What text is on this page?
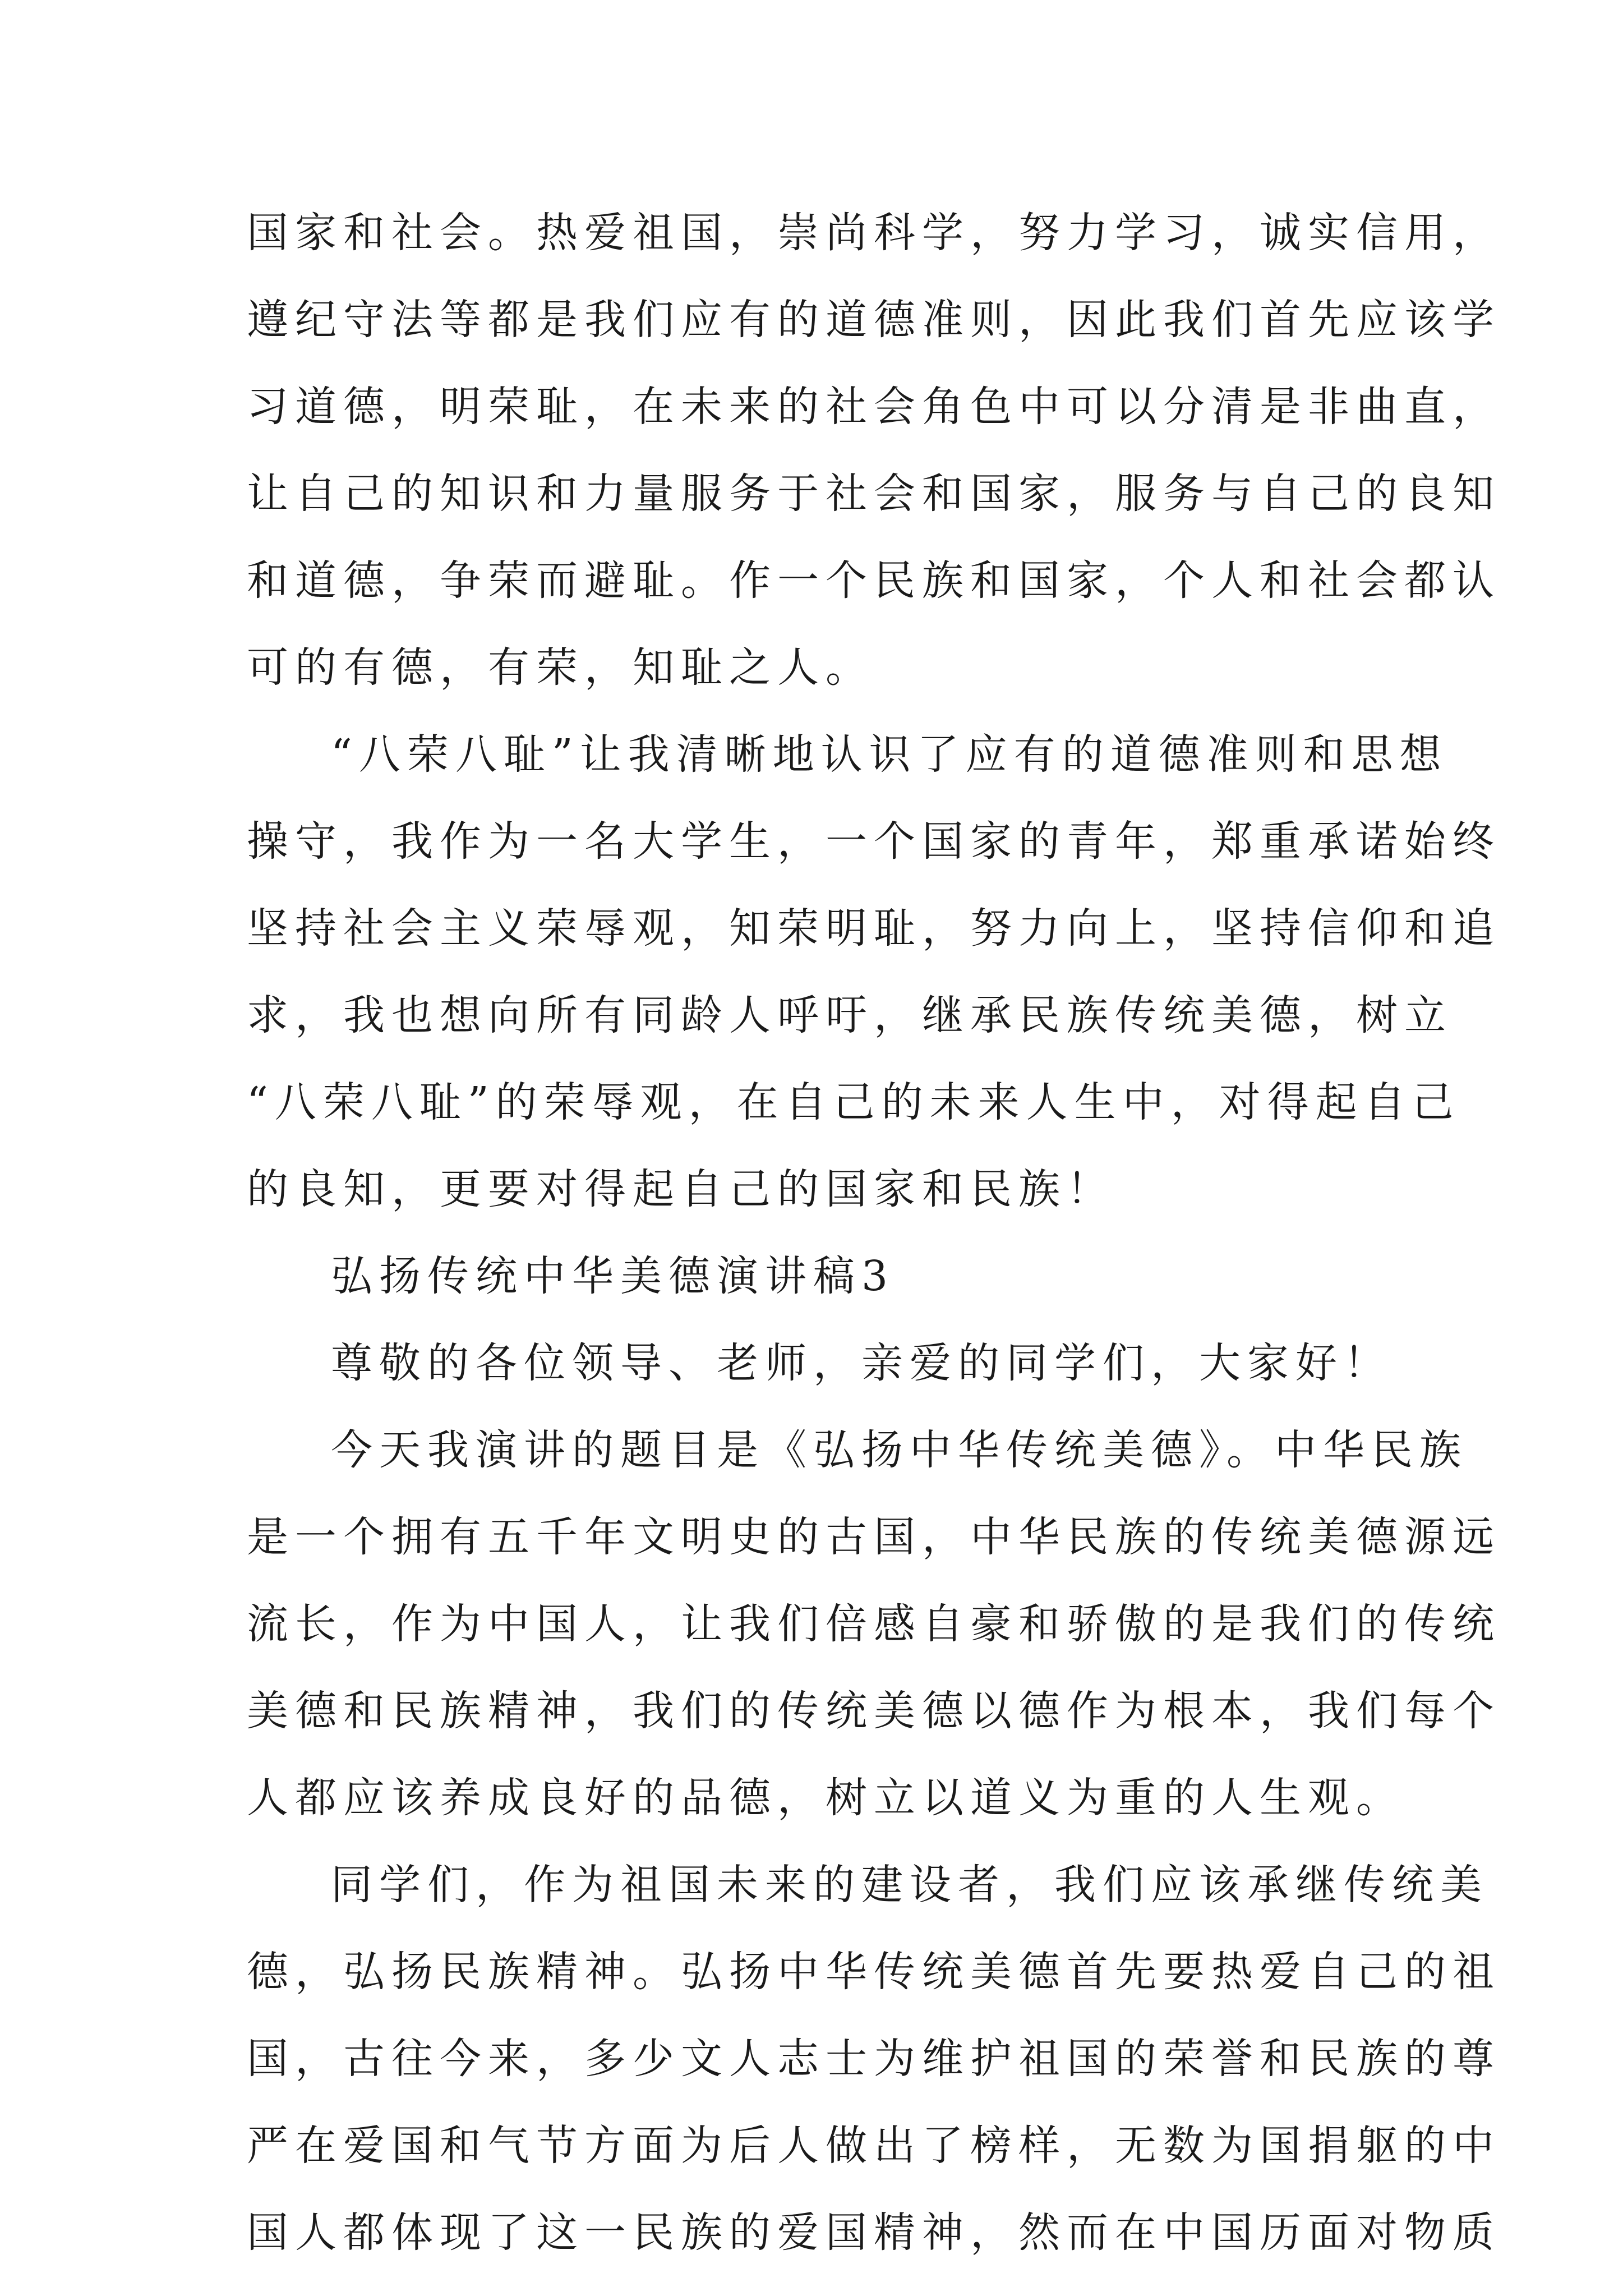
国家和社会。热爱祖国，崇尚科学，努力学习，诚实信用，
遵纪守法等都是我们应有的道德准则，因此我们首先应该学
习道德，明荣耻，在未来的社会角色中可以分清是非曲直，
让自己的知识和力量服务于社会和国家，服务与自己的良知
和道德，争荣而避耻。作一个民族和国家，个人和社会都认
可的有德，有荣，知耻之人。
“八荣八耻”让我清晰地认识了应有的道德准则和思想
操守，我作为一名大学生，一个国家的青年，郑重承诺始终
坚持社会主义荣辱观，知荣明耻，努力向上，坚持信仰和追
求，我也想向所有同龄人呼吁，继承民族传统美德，树立
“八荣八耻”的荣辱观，在自己的未来人生中，对得起自己
的良知，更要对得起自己的国家和民族！
弘扬传统中华美德演讲稿3
尊敬的各位领导、老师，亲爱的同学们，大家好！
今天我演讲的题目是《弘扬中华传统美德》。中华民族
是一个拥有五千年文明史的古国，中华民族的传统美德源远
流长，作为中国人，让我们倍感自豪和骄傲的是我们的传统
美德和民族精神，我们的传统美德以德作为根本，我们每个
人都应该养成良好的品德，树立以道义为重的人生观。
同学们，作为祖国未来的建设者，我们应该承继传统美
德，弘扬民族精神。弘扬中华传统美德首先要热爱自己的祖
国，古往今来，多少文人志士为维护祖国的荣誉和民族的尊
严在爱国和气节方面为后人做出了榜样，无数为国捐躯的中
国人都体现了这一民族的爱国精神，然而在中国历面对物质
